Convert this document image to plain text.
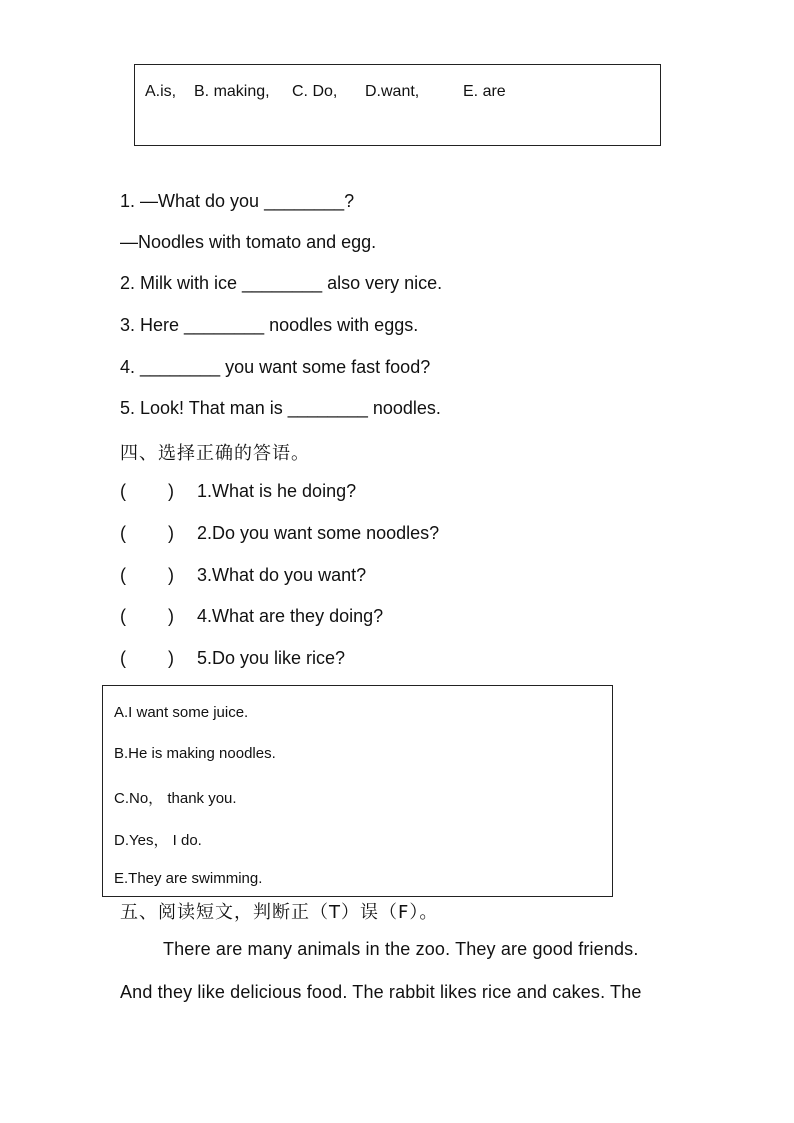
A.is, B. making, C. Do, D.want,	E. are
1. —What do you ________?
—Noodles with tomato and egg.
2. Milk with ice ________ also very nice.
3. Here ________ noodles with eggs.
4. ________ you want some fast food?
5. Look! That man is ________ noodles.
四、选择正确的答语。
( ) 1.What is he doing?
( ) 2.Do you want some noodles?
( ) 3.What do you want?
( ) 4.What are they doing?
( ) 5.Do you like rice?
A.I want some juice.
B.He is making noodles.
C.No， thank you.
D.Yes， I do.
E.They are swimming.
五、阅读短文，判断正（T）误（F）。
There are many animals in the zoo. They are good friends.
And they like delicious food. The rabbit likes rice and cakes. The
